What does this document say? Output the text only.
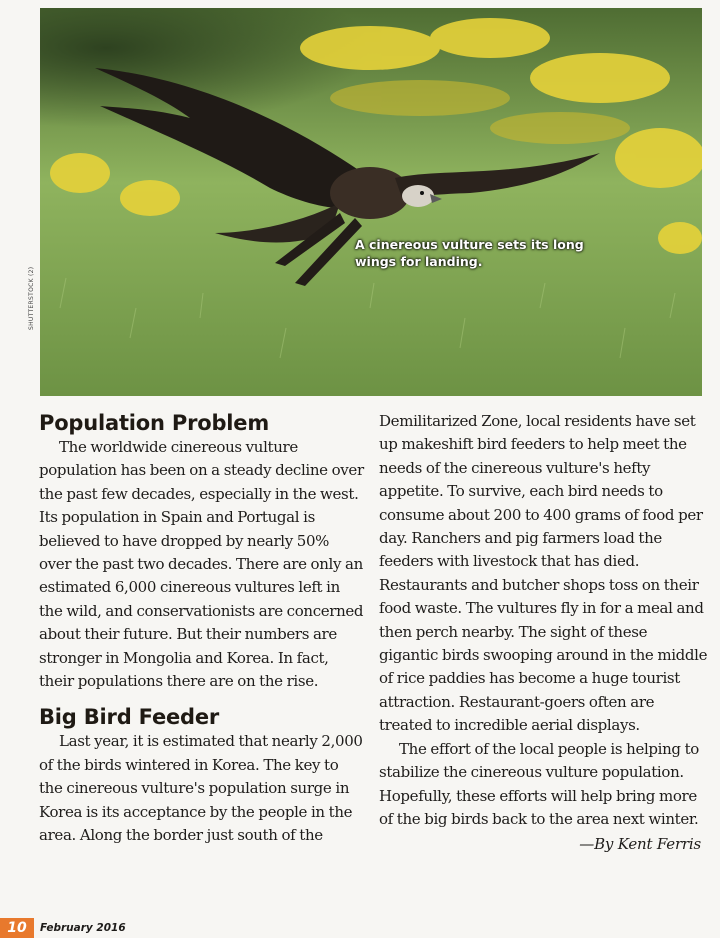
A cinereous vulture sets its long wings for landing.
SHUTTERSTOCK (2)
Population Problem

The worldwide cinereous vulture population has been on a steady decline over the past few decades, especially in the west. Its population in Spain and Portugal is believed to have dropped by nearly 50% over the past two decades. There are only an estimated 6,000 cinereous vultures left in the wild, and conservationists are concerned about their future. But their numbers are stronger in Mongolia and Korea. In fact, their populations there are on the rise.

Big Bird Feeder

Last year, it is estimated that nearly 2,000 of the birds wintered in Korea. The key to the cinereous vulture's population surge in Korea is its acceptance by the people in the area. Along the border just south of the

Demilitarized Zone, local residents have set up makeshift bird feeders to help meet the needs of the cinereous vulture's hefty appetite. To survive, each bird needs to consume about 200 to 400 grams of food per day. Ranchers and pig farmers load the feeders with livestock that has died. Restaurants and butcher shops toss on their food waste. The vultures fly in for a meal and then perch nearby. The sight of these gigantic birds swooping around in the middle of rice paddies has become a huge tourist attraction. Restaurant-goers often are treated to incredible aerial displays.

The effort of the local people is helping to stabilize the cinereous vulture population. Hopefully, these efforts will help bring more of the big birds back to the area next winter.

—By Kent Ferris
10	February 2016
